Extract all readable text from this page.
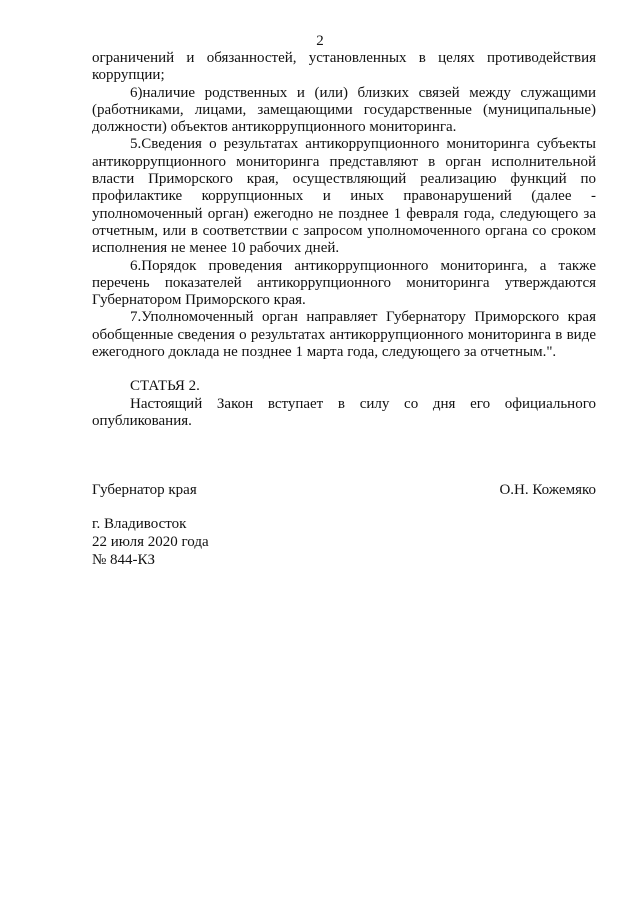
2

ограничений и обязанностей, установленных в целях противодействия коррупции;

6)наличие родственных и (или) близких связей между служащими (работниками, лицами, замещающими государственные (муниципальные) должности) объектов антикоррупционного мониторинга.

5.Сведения о результатах антикоррупционного мониторинга субъекты антикоррупционного мониторинга представляют в орган исполнительной власти Приморского края, осуществляющий реализацию функций по профилактике коррупционных и иных правонарушений (далее - уполномоченный орган) ежегодно не позднее 1 февраля года, следующего за отчетным, или в соответствии с запросом уполномоченного органа со сроком исполнения не менее 10 рабочих дней.

6.Порядок проведения антикоррупционного мониторинга, а также перечень показателей антикоррупционного мониторинга утверждаются Губернатором Приморского края.

7.Уполномоченный орган направляет Губернатору Приморского края обобщенные сведения о результатах антикоррупционного мониторинга в виде ежегодного доклада не позднее 1 марта года, следующего за отчетным.".

СТАТЬЯ 2.

Настоящий Закон вступает в силу со дня его официального опубликования.

Губернатор края	О.Н. Кожемяко
г. Владивосток
22 июля 2020 года
№ 844-КЗ
